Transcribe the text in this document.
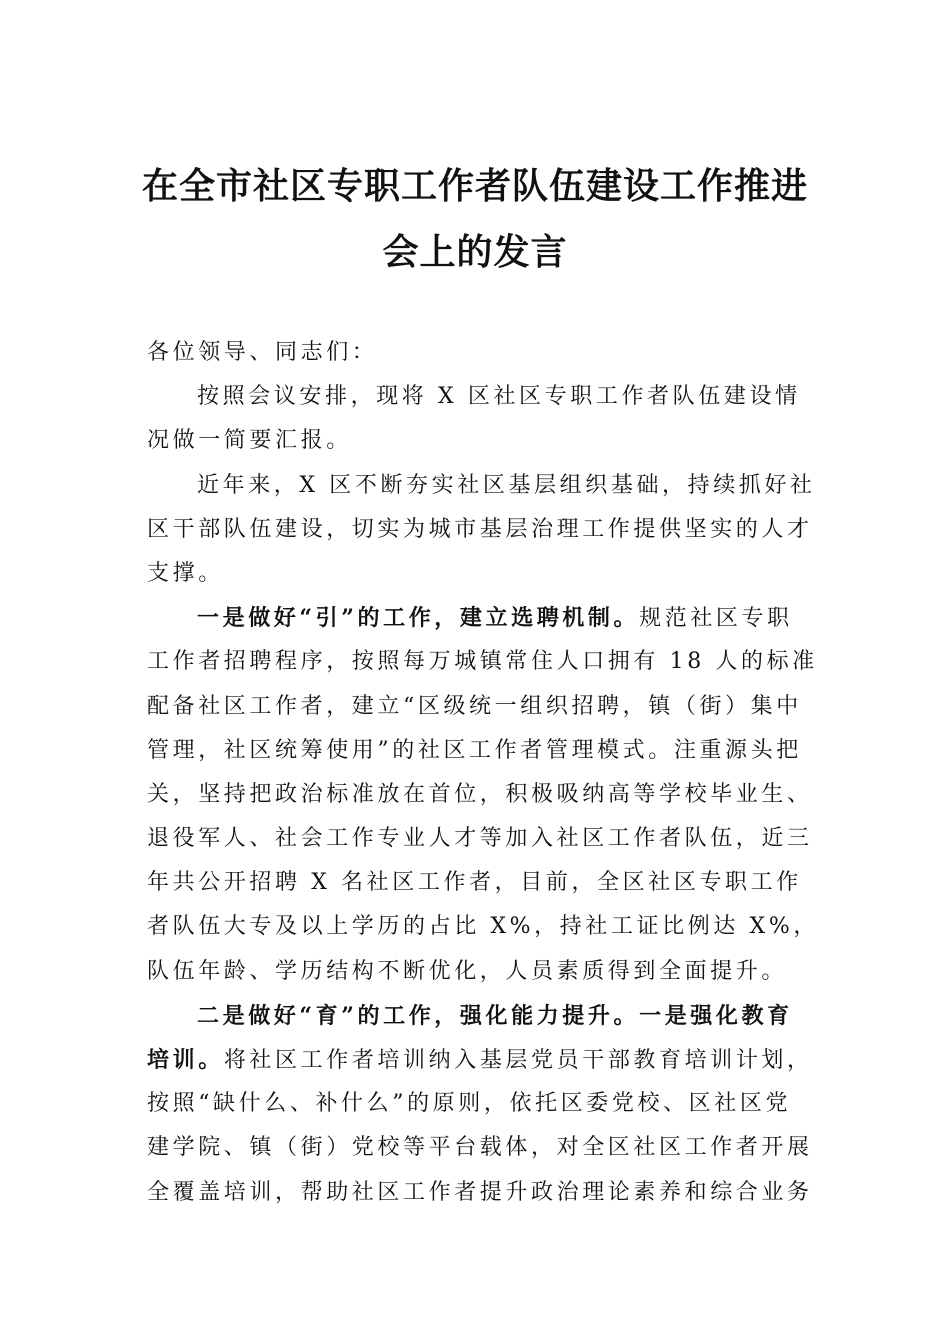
在全市社区专职工作者队伍建设工作推进
会上的发言
各位领导、同志们：
按照会议安排，现将 X 区社区专职工作者队伍建设情
况做一简要汇报。
近年来，X 区不断夯实社区基层组织基础，持续抓好社
区干部队伍建设，切实为城市基层治理工作提供坚实的人才
支撑。
一是做好“引”的工作，建立选聘机制。规范社区专职
工作者招聘程序，按照每万城镇常住人口拥有 18 人的标准
配备社区工作者，建立“区级统一组织招聘，镇（街）集中
管理，社区统筹使用”的社区工作者管理模式。注重源头把
关，坚持把政治标准放在首位，积极吸纳高等学校毕业生、
退役军人、社会工作专业人才等加入社区工作者队伍，近三
年共公开招聘 X 名社区工作者，目前，全区社区专职工作
者队伍大专及以上学历的占比 X%，持社工证比例达 X%，
队伍年龄、学历结构不断优化，人员素质得到全面提升。
二是做好“育”的工作，强化能力提升。一是强化教育
培训。将社区工作者培训纳入基层党员干部教育培训计划，
按照“缺什么、补什么”的原则，依托区委党校、区社区党
建学院、镇（街）党校等平台载体，对全区社区工作者开展
全覆盖培训，帮助社区工作者提升政治理论素养和综合业务
